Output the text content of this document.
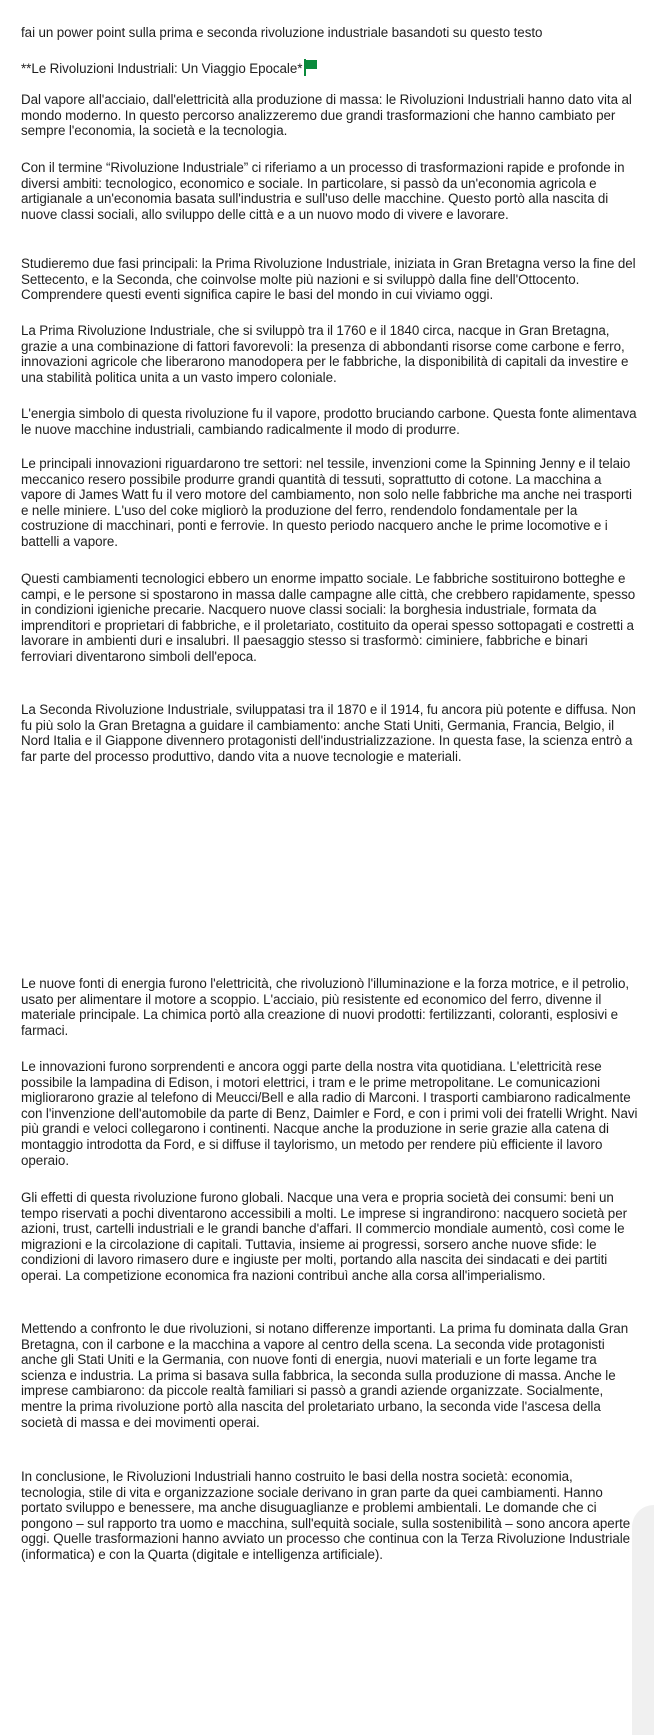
fai un power point sulla prima e seconda rivoluzione industriale basandoti su questo testo

**Le Rivoluzioni Industriali: Un Viaggio Epocale*

Dal vapore all'acciaio, dall'elettricità alla produzione di massa: le Rivoluzioni Industriali hanno dato vita al mondo moderno. In questo percorso analizzeremo due grandi trasformazioni che hanno cambiato per sempre l'economia, la società e la tecnologia.

Con il termine “Rivoluzione Industriale” ci riferiamo a un processo di trasformazioni rapide e profonde in diversi ambiti: tecnologico, economico e sociale. In particolare, si passò da un'economia agricola e artigianale a un'economia basata sull'industria e sull'uso delle macchine. Questo portò alla nascita di nuove classi sociali, allo sviluppo delle città e a un nuovo modo di vivere e lavorare.

Studieremo due fasi principali: la Prima Rivoluzione Industriale, iniziata in Gran Bretagna verso la fine del Settecento, e la Seconda, che coinvolse molte più nazioni e si sviluppò dalla fine dell'Ottocento. Comprendere questi eventi significa capire le basi del mondo in cui viviamo oggi.

La Prima Rivoluzione Industriale, che si sviluppò tra il 1760 e il 1840 circa, nacque in Gran Bretagna, grazie a una combinazione di fattori favorevoli: la presenza di abbondanti risorse come carbone e ferro, innovazioni agricole che liberarono manodopera per le fabbriche, la disponibilità di capitali da investire e una stabilità politica unita a un vasto impero coloniale.

L'energia simbolo di questa rivoluzione fu il vapore, prodotto bruciando carbone. Questa fonte alimentava le nuove macchine industriali, cambiando radicalmente il modo di produrre.

Le principali innovazioni riguardarono tre settori: nel tessile, invenzioni come la Spinning Jenny e il telaio meccanico resero possibile produrre grandi quantità di tessuti, soprattutto di cotone. La macchina a vapore di James Watt fu il vero motore del cambiamento, non solo nelle fabbriche ma anche nei trasporti e nelle miniere. L'uso del coke migliorò la produzione del ferro, rendendolo fondamentale per la costruzione di macchinari, ponti e ferrovie. In questo periodo nacquero anche le prime locomotive e i battelli a vapore.

Questi cambiamenti tecnologici ebbero un enorme impatto sociale. Le fabbriche sostituirono botteghe e campi, e le persone si spostarono in massa dalle campagne alle città, che crebbero rapidamente, spesso in condizioni igieniche precarie. Nacquero nuove classi sociali: la borghesia industriale, formata da imprenditori e proprietari di fabbriche, e il proletariato, costituito da operai spesso sottopagati e costretti a lavorare in ambienti duri e insalubri. Il paesaggio stesso si trasformò: ciminiere, fabbriche e binari ferroviari diventarono simboli dell'epoca.

La Seconda Rivoluzione Industriale, sviluppatasi tra il 1870 e il 1914, fu ancora più potente e diffusa. Non fu più solo la Gran Bretagna a guidare il cambiamento: anche Stati Uniti, Germania, Francia, Belgio, il Nord Italia e il Giappone divennero protagonisti dell'industrializzazione. In questa fase, la scienza entrò a far parte del processo produttivo, dando vita a nuove tecnologie e materiali.

Le nuove fonti di energia furono l'elettricità, che rivoluzionò l'illuminazione e la forza motrice, e il petrolio, usato per alimentare il motore a scoppio. L'acciaio, più resistente ed economico del ferro, divenne il materiale principale. La chimica portò alla creazione di nuovi prodotti: fertilizzanti, coloranti, esplosivi e farmaci.

Le innovazioni furono sorprendenti e ancora oggi parte della nostra vita quotidiana. L'elettricità rese possibile la lampadina di Edison, i motori elettrici, i tram e le prime metropolitane. Le comunicazioni migliorarono grazie al telefono di Meucci/Bell e alla radio di Marconi. I trasporti cambiarono radicalmente con l'invenzione dell'automobile da parte di Benz, Daimler e Ford, e con i primi voli dei fratelli Wright. Navi più grandi e veloci collegarono i continenti. Nacque anche la produzione in serie grazie alla catena di montaggio introdotta da Ford, e si diffuse il taylorismo, un metodo per rendere più efficiente il lavoro operaio.

Gli effetti di questa rivoluzione furono globali. Nacque una vera e propria società dei consumi: beni un tempo riservati a pochi diventarono accessibili a molti. Le imprese si ingrandirono: nacquero società per azioni, trust, cartelli industriali e le grandi banche d'affari. Il commercio mondiale aumentò, così come le migrazioni e la circolazione di capitali. Tuttavia, insieme ai progressi, sorsero anche nuove sfide: le condizioni di lavoro rimasero dure e ingiuste per molti, portando alla nascita dei sindacati e dei partiti operai. La competizione economica fra nazioni contribuì anche alla corsa all'imperialismo.

Mettendo a confronto le due rivoluzioni, si notano differenze importanti. La prima fu dominata dalla Gran Bretagna, con il carbone e la macchina a vapore al centro della scena. La seconda vide protagonisti anche gli Stati Uniti e la Germania, con nuove fonti di energia, nuovi materiali e un forte legame tra scienza e industria. La prima si basava sulla fabbrica, la seconda sulla produzione di massa. Anche le imprese cambiarono: da piccole realtà familiari si passò a grandi aziende organizzate. Socialmente, mentre la prima rivoluzione portò alla nascita del proletariato urbano, la seconda vide l'ascesa della società di massa e dei movimenti operai.

In conclusione, le Rivoluzioni Industriali hanno costruito le basi della nostra società: economia, tecnologia, stile di vita e organizzazione sociale derivano in gran parte da quei cambiamenti. Hanno portato sviluppo e benessere, ma anche disuguaglianze e problemi ambientali. Le domande che ci pongono – sul rapporto tra uomo e macchina, sull'equità sociale, sulla sostenibilità – sono ancora aperte oggi. Quelle trasformazioni hanno avviato un processo che continua con la Terza Rivoluzione Industriale (informatica) e con la Quarta (digitale e intelligenza artificiale).
